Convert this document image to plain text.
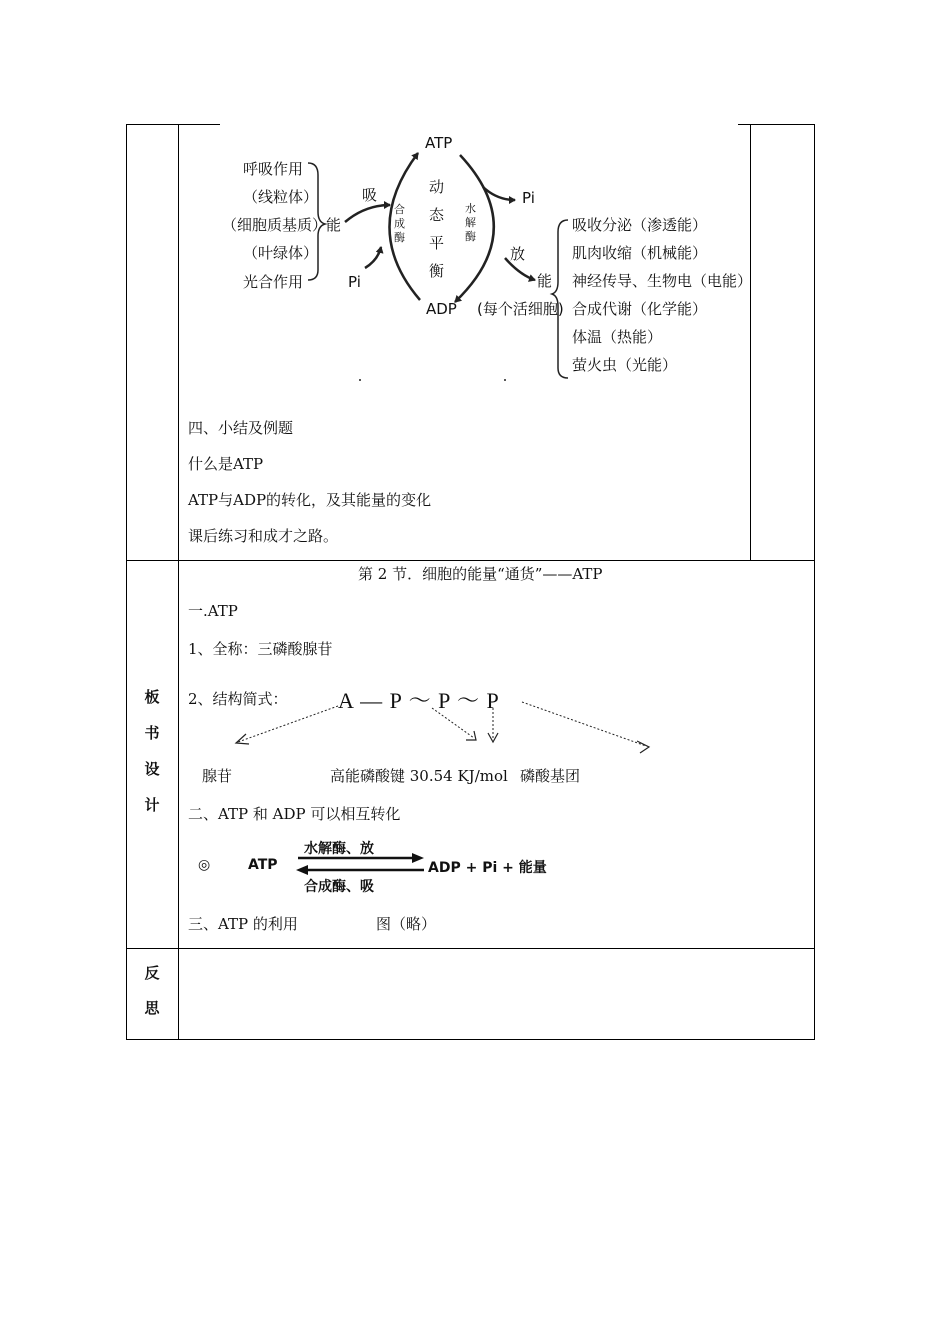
ATP
ADP
Pi
Pi
呼吸作用
（线粒体）
（细胞质基质）
（叶绿体）
光合作用
能
吸
合
成
酶
动
态
平
衡
水
解
酶
放
能
(每个活细胞)
吸收分泌（渗透能）
肌肉收缩（机械能）
神经传导、生物电（电能）
合成代谢（化学能）
体温（热能）
萤火虫（光能）
四、小结及例题
什么是ATP
ATP与ADP的转化，及其能量的变化
课后练习和成才之路。
板
书
设
计
第 2 节．细胞的能量“通货”——ATP
一.ATP
1、全称：三磷酸腺苷
2、结构简式： A — P ～ P ～ P
腺苷	高能磷酸键 30.54 KJ/mol 磷酸基团
二、ATP 和 ADP 可以相互转化
◎	ATP
水解酶、放
合成酶、吸
ADP + Pi + 能量
三、ATP 的利用	图（略）
反
思
